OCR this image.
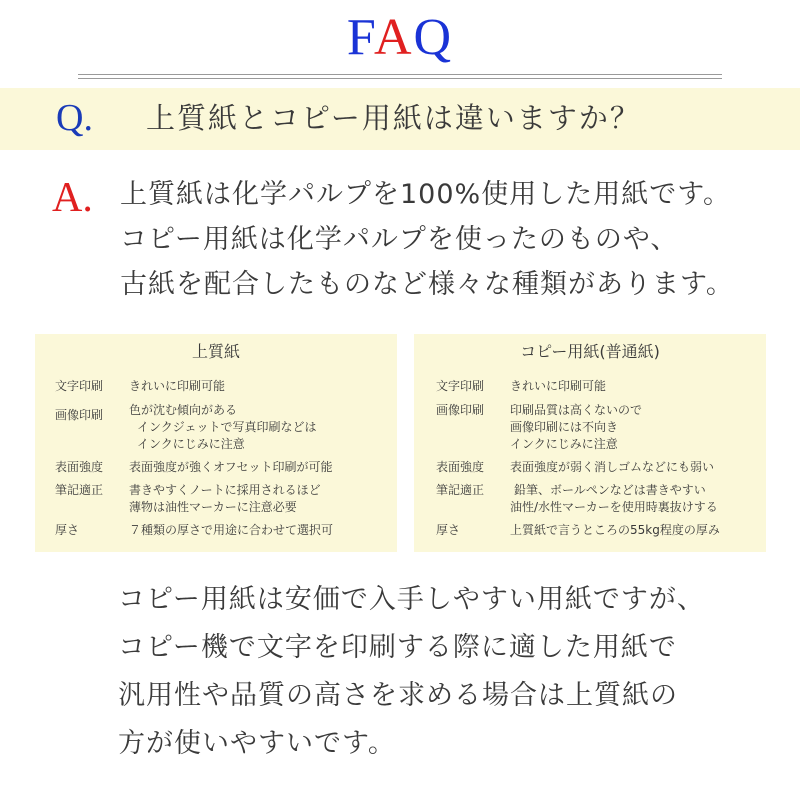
FAQ
Q. 上質紙とコピー用紙は違いますか？
A. 上質紙は化学パルプを100%使用した用紙です。
コピー用紙は化学パルプを使ったのものや、
古紙を配合したものなど様々な種類があります。
上質紙
文字印刷 きれいに印刷可能
画像印刷 色が沈む傾向がある
インクジェットで写真印刷などは
インクにじみに注意
表面強度 表面強度が強くオフセット印刷が可能
筆記適正 書きやすくノートに採用されるほど
薄物は油性マーカーに注意必要
厚さ	７種類の厚さで用途に合わせて選択可
コピー用紙(普通紙)
文字印刷 きれいに印刷可能
画像印刷 印刷品質は高くないので
画像印刷には不向き
インクにじみに注意
表面強度 表面強度が弱く消しゴムなどにも弱い
筆記適正	鉛筆、ボールペンなどは書きやすい
油性/水性マーカーを使用時裏抜けする
厚さ	上質紙で言うところの55kg程度の厚み
コピー用紙は安価で入手しやすい用紙ですが、
コピー機で文字を印刷する際に適した用紙で
汎用性や品質の高さを求める場合は上質紙の
方が使いやすいです。
